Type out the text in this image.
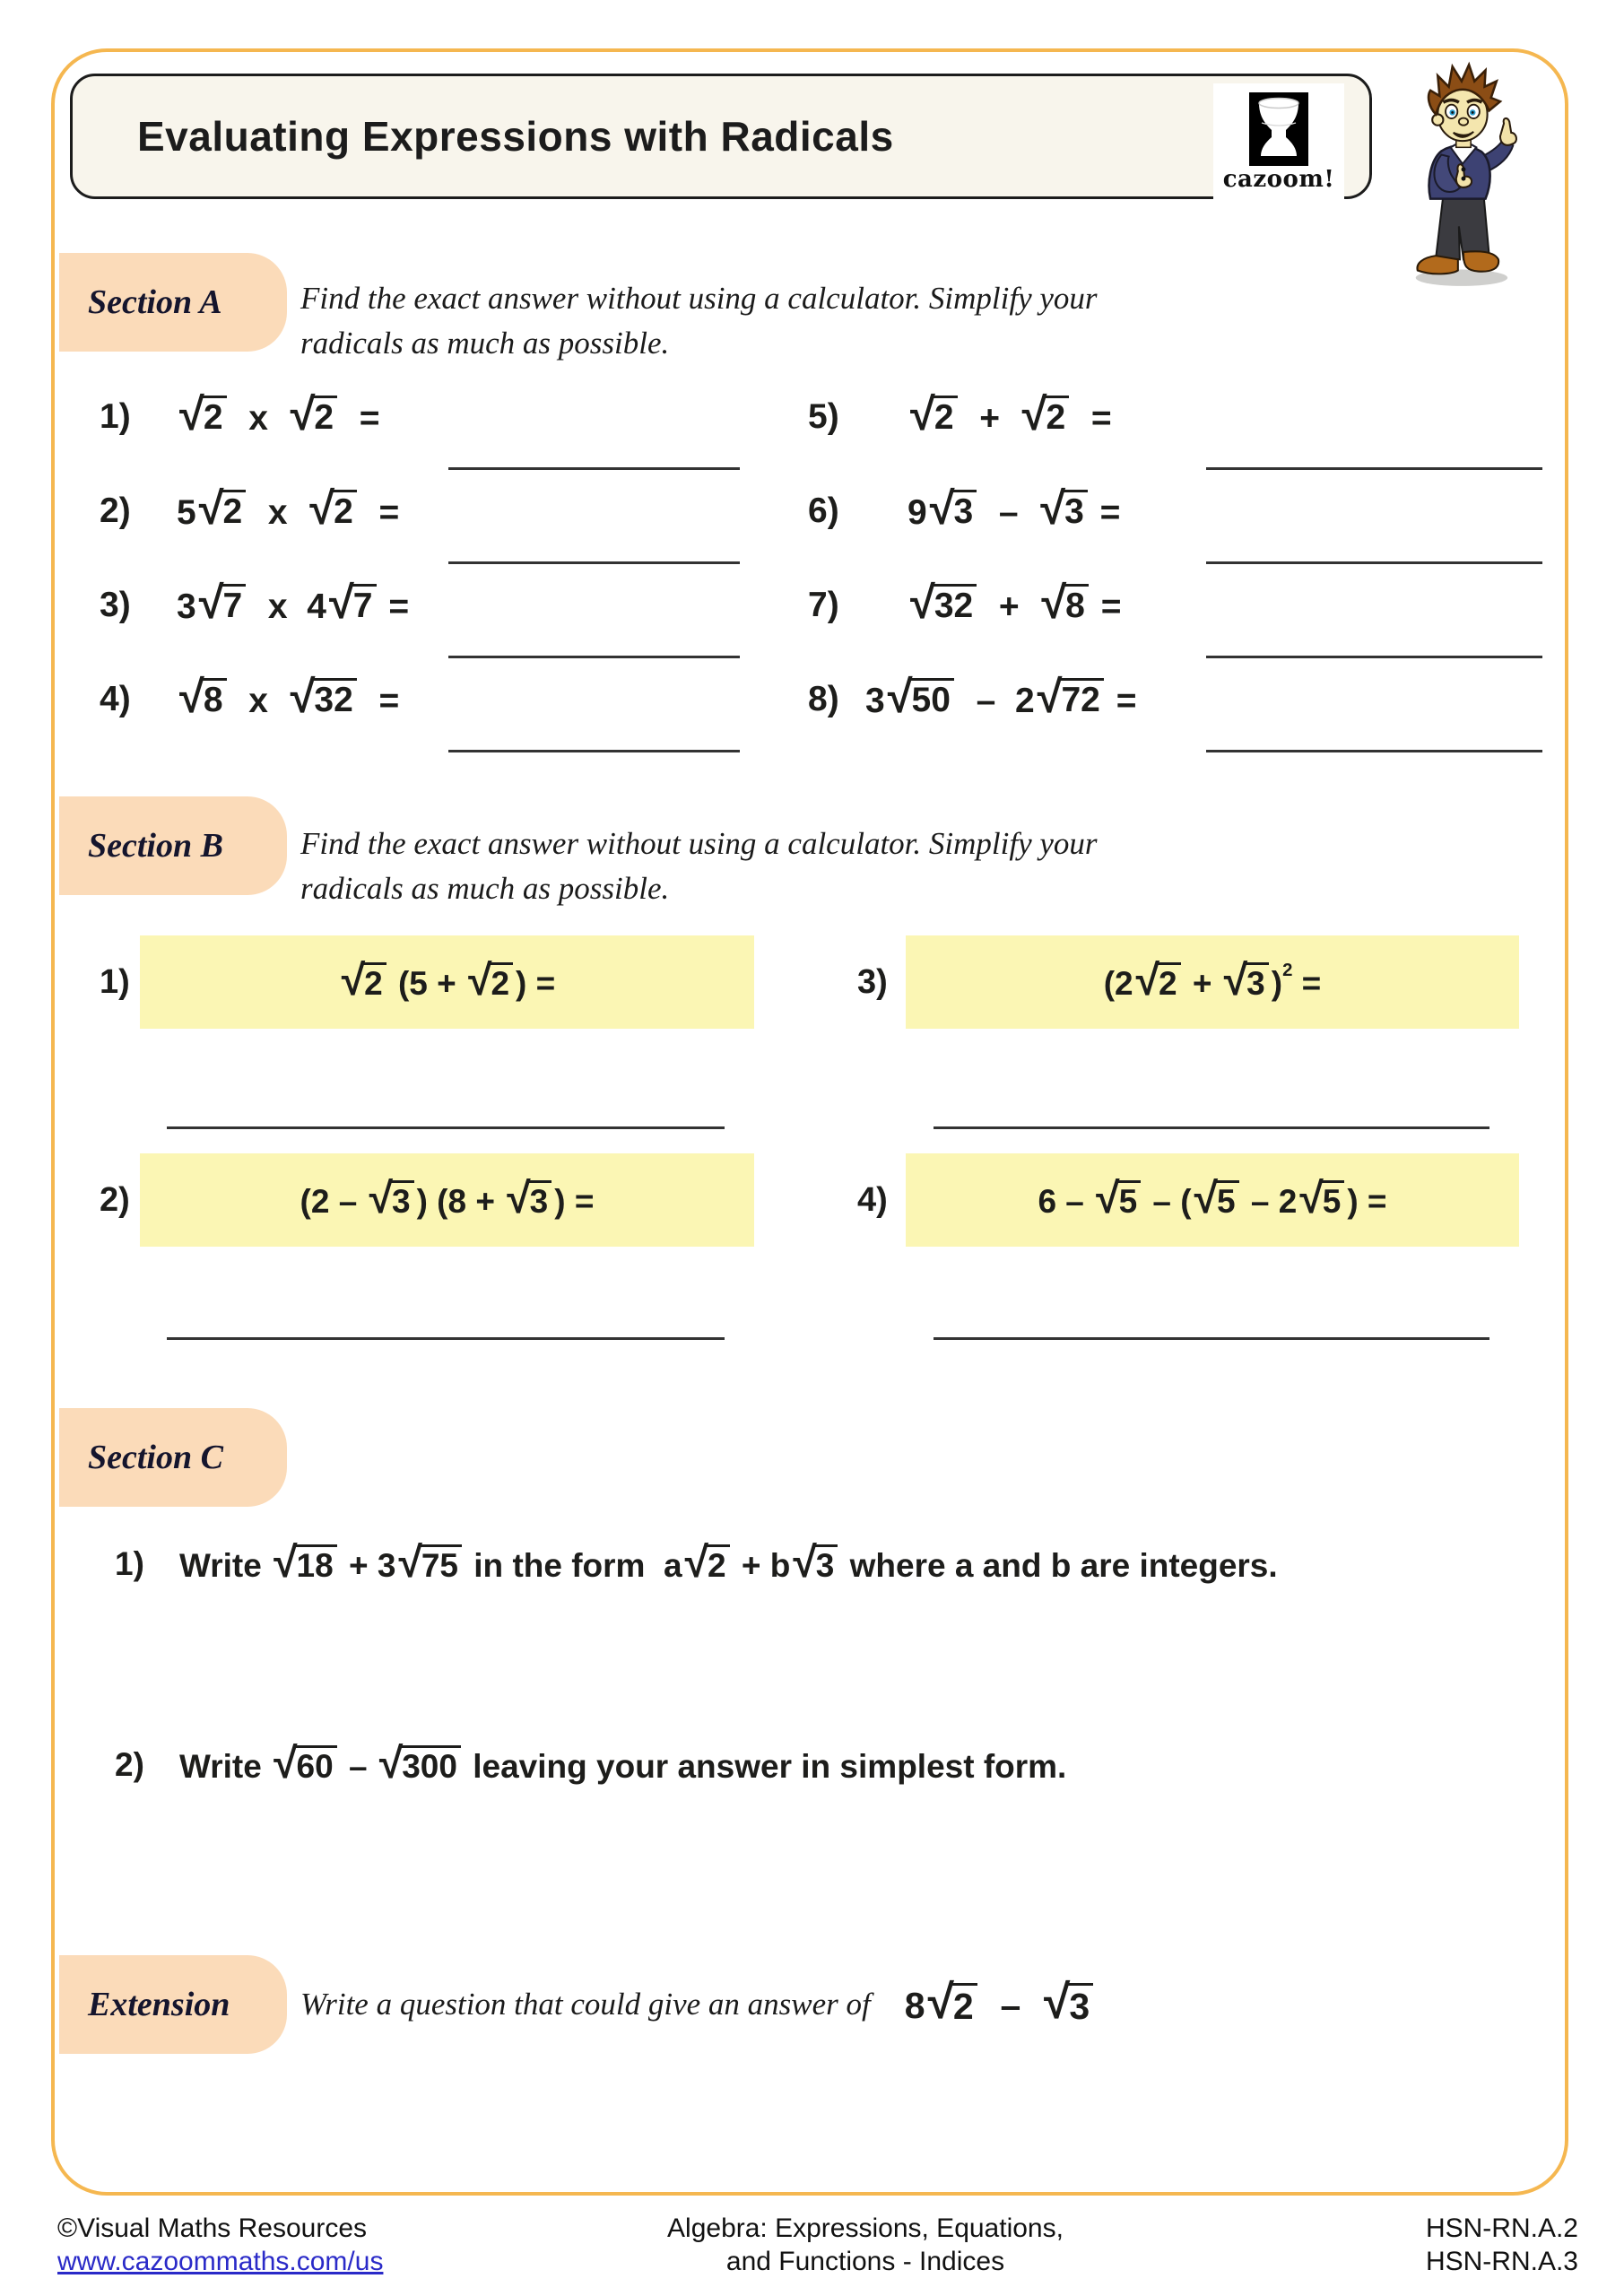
Evaluating Expressions with Radicals
cazoom!
Section A Find the exact answer without using a calculator. Simplify your radicals as much as possible.
1)	√ 2 x √ 2 =
2)	5 √ 2 x √ 2 =
3)	3 √ 7 x  4 √ 7 =
4)	√ 8 x √ 32 =
5)	√ 2 + √ 2 =
6)	9 √ 3 – √ 3 =
7)	√ 32 + √ 8 =
8) 3 √ 50 –  2 √ 72 =
Section B Find the exact answer without using a calculator. Simplify your radicals as much as possible.
1)	√ 2 (5 + √ 2 ) =	3)	(2 √ 2 + √ 3 )$^2$ =
2)	(2 – √ 3 ) (8 + √ 3 ) =	4)	6 – √ 5 – ( √ 5 – 2 √ 5 ) =
Section C
1)	Write √ 18 + 3 √ 75 in the form  a √ 2 + b √ 3 where a and b are integers.
2)	Write √ 60 – √ 300 leaving your answer in simplest form.
Extension Write a question that could give an answer of 8 √ 2 – √ 3
©Visual Maths Resources
www.cazoommaths.com/us
Algebra: Expressions, Equations,
and Functions - Indices
HSN-RN.A.2
HSN-RN.A.3
